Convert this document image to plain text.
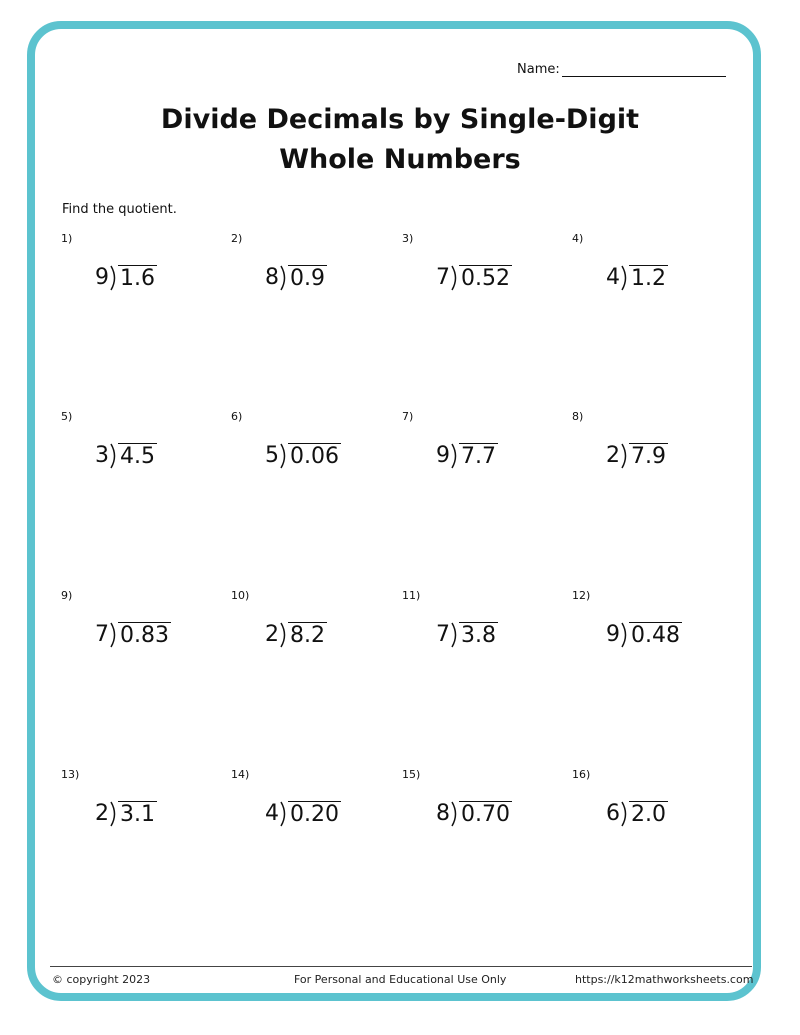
Name:
Divide Decimals by Single-Digit
Whole Numbers
Find the quotient.
1)
9 1.6
2)
8 0.9
3)
7 0.52
4)
4 1.2
5)
3 4.5
6)
5 0.06
7)
9 7.7
8)
2 7.9
9)
7 0.83
10)
2 8.2
11)
7 3.8
12)
9 0.48
13)
2 3.1
14)
4 0.20
15)
8 0.70
16)
6 2.0
© copyright 2023	For Personal and Educational Use Only	https://k12mathworksheets.com
